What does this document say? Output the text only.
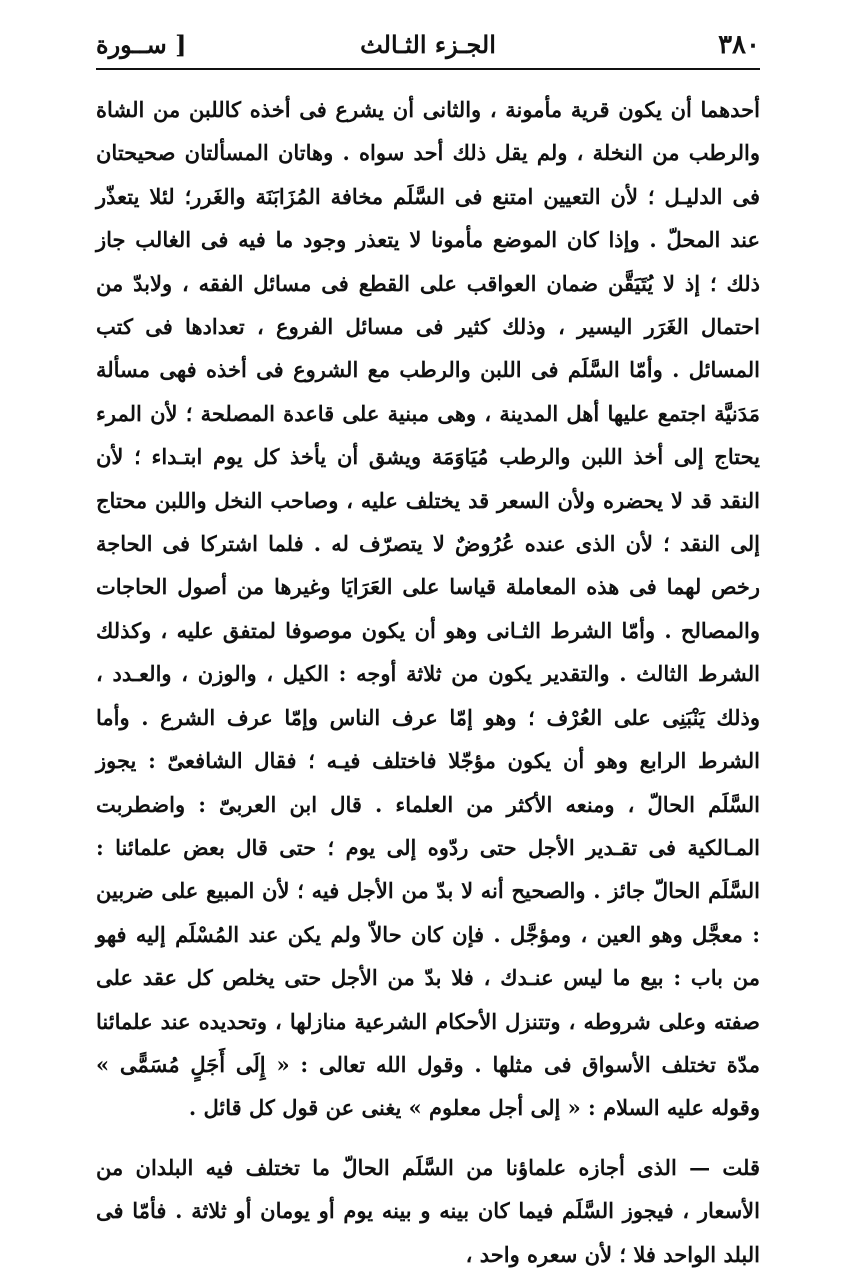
٣٨٠
الجـزء الثـالث
[ ســورة

أحدهما أن يكون قرية مأمونة ، والثانى أن يشرع فى أخذه كاللبن من الشاة والرطب من النخلة ، ولم يقل ذلك أحد سواه . وهاتان المسألتان صحيحتان فى الدليـل ؛ لأن التعيين امتنع فى السَّلَم مخافة المُزَابَنَة والغَرر؛ لئلا يتعذّر عند المحلّ . وإذا كان الموضع مأمونا لا يتعذر وجود ما فيه فى الغالب جاز ذلك ؛ إذ لا يُتَيَقَّن ضمان العواقب على القطع فى مسائل الفقه ، ولابدّ من احتمال الغَرَر اليسير ، وذلك كثير فى مسائل الفروع ، تعدادها فى كتب المسائل . وأمّا السَّلَم فى اللبن والرطب مع الشروع فى أخذه فهى مسألة مَدَنيَّة اجتمع عليها أهل المدينة ، وهى مبنية على قاعدة المصلحة ؛ لأن المرء يحتاج إلى أخذ اللبن والرطب مُيَاوَمَة ويشق أن يأخذ كل يوم ابتـداء ؛ لأن النقد قد لا يحضره ولأن السعر قد يختلف عليه ، وصاحب النخل واللبن محتاج إلى النقد ؛ لأن الذى عنده عُرُوضٌ لا يتصرّف له . فلما اشتركا فى الحاجة رخص لهما فى هذه المعاملة قياسا على العَرَايَا وغيرها من أصول الحاجات والمصالح . وأمّا الشرط الثـانى وهو أن يكون موصوفا لمتفق عليه ، وكذلك الشرط الثالث . والتقدير يكون من ثلاثة أوجه : الكيل ، والوزن ، والعـدد ، وذلك يَنْبَنِى على العُرْف ؛ وهو إمّا عرف الناس وإمّا عرف الشرع . وأما الشرط الرابع وهو أن يكون مؤجّلا فاختلف فيـه ؛ فقال الشافعىّ : يجوز السَّلَم الحالّ ، ومنعه الأكثر من العلماء . قال ابن العربىّ : واضطربت المـالكية فى تقـدير الأجل حتى ردّوه إلى يوم ؛ حتى قال بعض علمائنا : السَّلَم الحالّ جائز . والصحيح أنه لا بدّ من الأجل فيه ؛ لأن المبيع على ضربين : معجَّل وهو العين ، ومؤجَّل . فإن كان حالاّ ولم يكن عند المُسْلَم إليه فهو من باب : بيع ما ليس عنـدك ، فلا بدّ من الأجل حتى يخلص كل عقد على صفته وعلى شروطه ، وتتنزل الأحكام الشرعية منازلها ، وتحديده عند علمائنا مدّة تختلف الأسواق فى مثلها . وقول الله تعالى : « إِلَى أَجَلٍ مُسَمًّى » وقوله عليه السلام : « إلى أجل معلوم » يغنى عن قول كل قائل .

قلت — الذى أجازه علماؤنا من السَّلَم الحالّ ما تختلف فيه البلدان من الأسعار ، فيجوز السَّلَم فيما كان بينه و بينه يوم أو يومان أو ثلاثة . فأمّا فى البلد الواحد فلا ؛ لأن سعره واحد ،
